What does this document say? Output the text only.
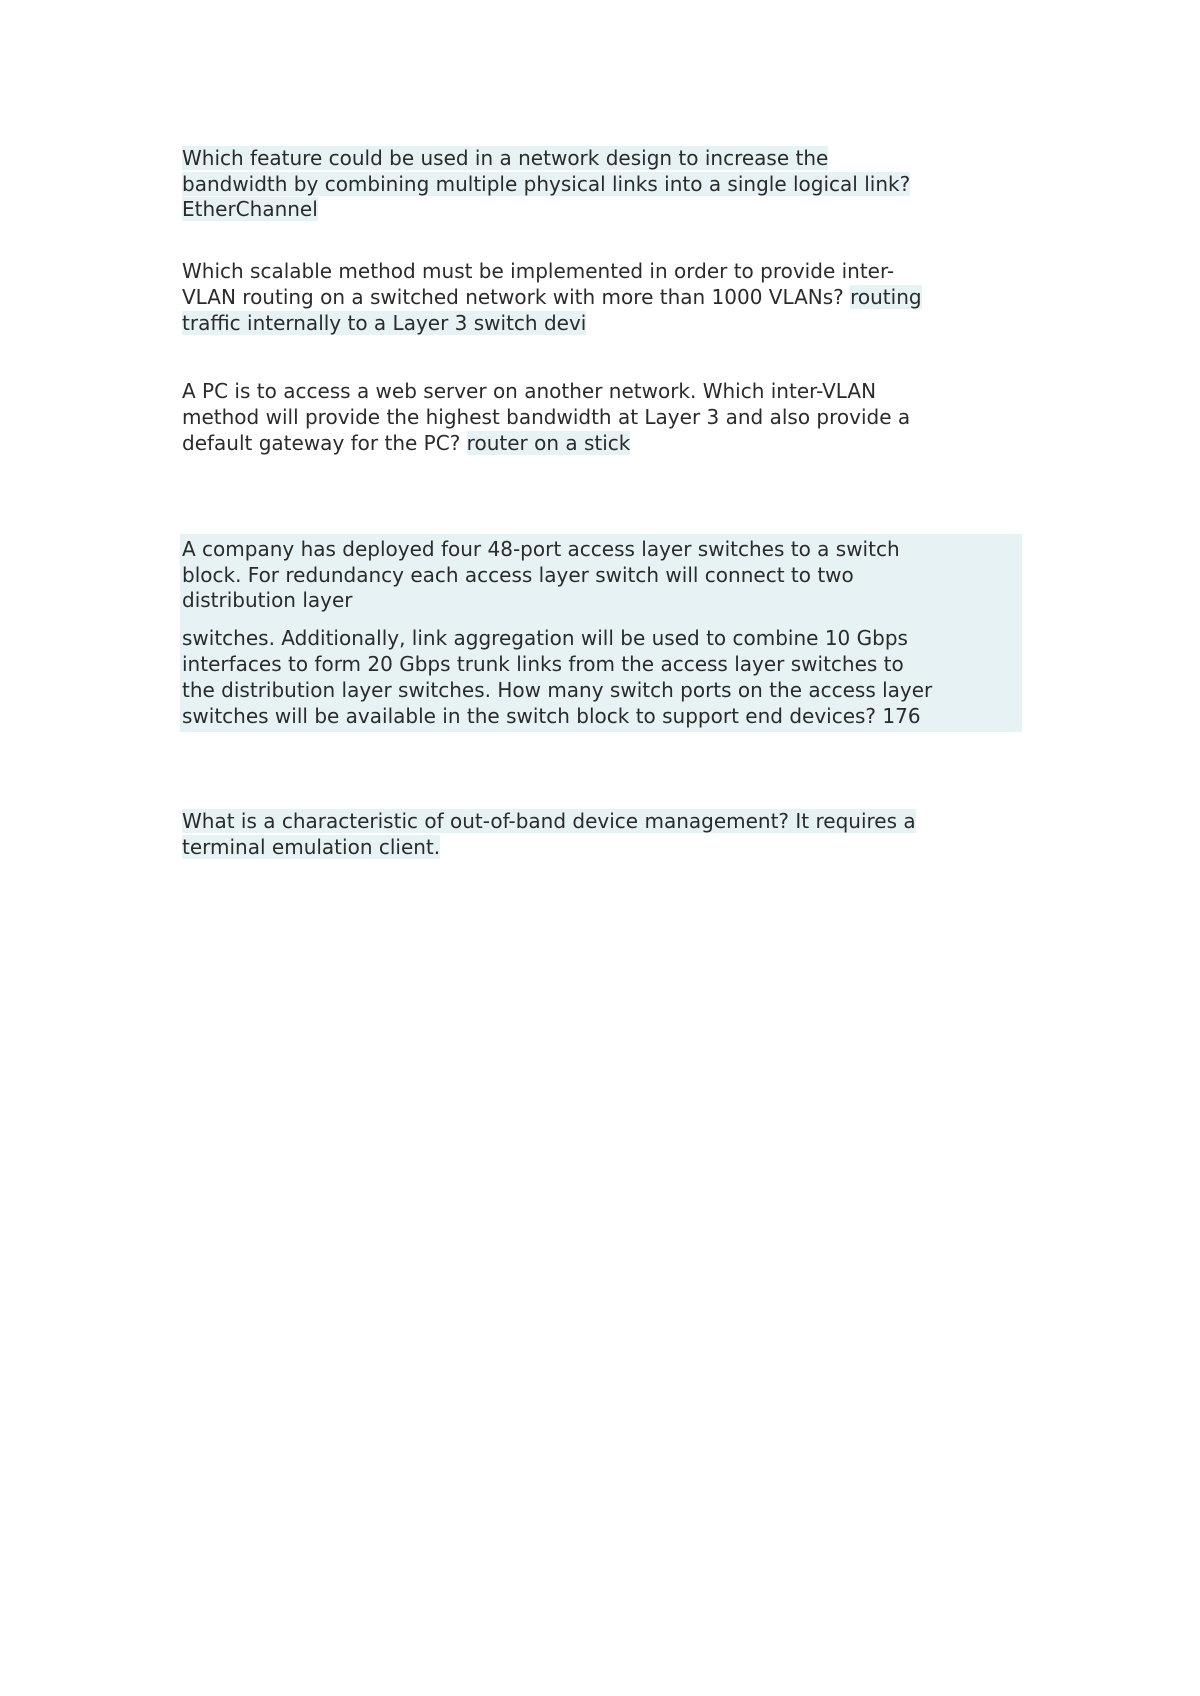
Which feature could be used in a network design to increase the
bandwidth by combining multiple physical links into a single logical link?
EtherChannel
Which scalable method must be implemented in order to provide inter-
VLAN routing on a switched network with more than 1000 VLANs? routing
traffic internally to a Layer 3 switch devi
A PC is to access a web server on another network. Which inter-VLAN
method will provide the highest bandwidth at Layer 3 and also provide a
default gateway for the PC? router on a stick
A company has deployed four 48-port access layer switches to a switch
block. For redundancy each access layer switch will connect to two
distribution layer
switches. Additionally, link aggregation will be used to combine 10 Gbps
interfaces to form 20 Gbps trunk links from the access layer switches to
the distribution layer switches. How many switch ports on the access layer
switches will be available in the switch block to support end devices? 176
What is a characteristic of out-of-band device management? It requires a
terminal emulation client.
